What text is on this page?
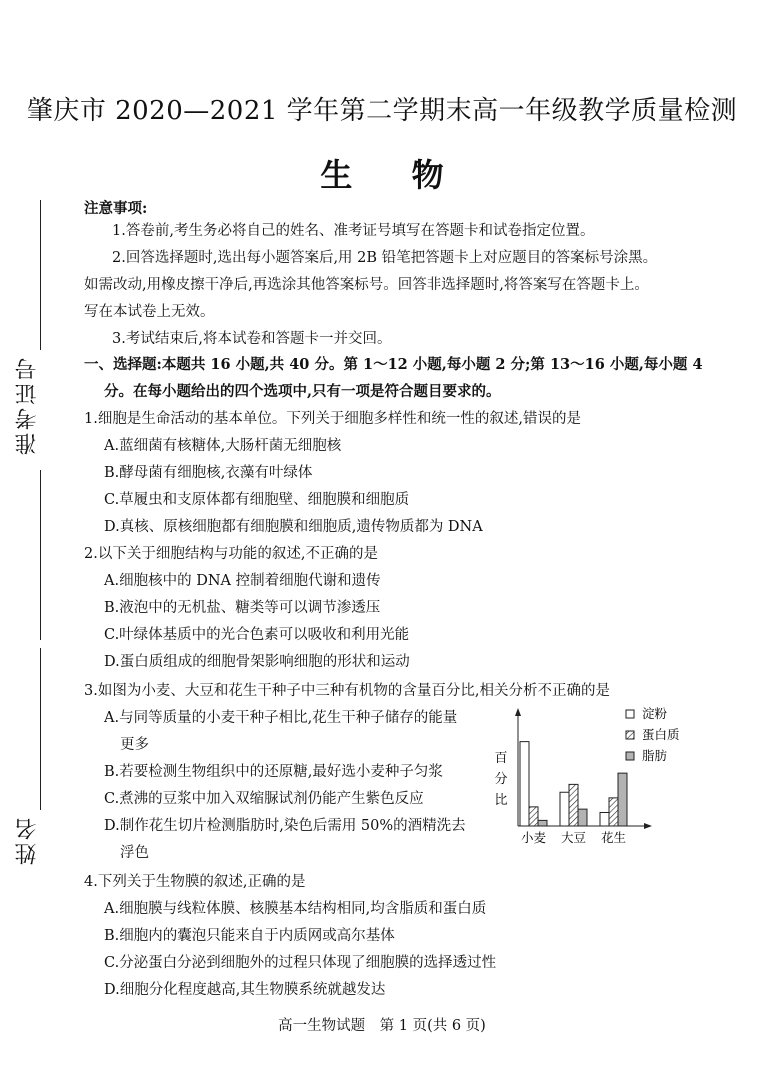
肇庆市 2020—2021 学年第二学期末高一年级教学质量检测
生 物
准考证号
姓名
注意事项:
1.答卷前,考生务必将自己的姓名、准考证号填写在答题卡和试卷指定位置。
2.回答选择题时,选出每小题答案后,用 2B 铅笔把答题卡上对应题目的答案标号涂黑。
如需改动,用橡皮擦干净后,再选涂其他答案标号。回答非选择题时,将答案写在答题卡上。
写在本试卷上无效。
3.考试结束后,将本试卷和答题卡一并交回。
一、选择题:本题共 16 小题,共 40 分。第 1～12 小题,每小题 2 分;第 13～16 小题,每小题 4
分。在每小题给出的四个选项中,只有一项是符合题目要求的。
1.细胞是生命活动的基本单位。下列关于细胞多样性和统一性的叙述,错误的是
A.蓝细菌有核糖体,大肠杆菌无细胞核
B.酵母菌有细胞核,衣藻有叶绿体
C.草履虫和支原体都有细胞壁、细胞膜和细胞质
D.真核、原核细胞都有细胞膜和细胞质,遗传物质都为 DNA
2.以下关于细胞结构与功能的叙述,不正确的是
A.细胞核中的 DNA 控制着细胞代谢和遗传
B.液泡中的无机盐、糖类等可以调节渗透压
C.叶绿体基质中的光合色素可以吸收和利用光能
D.蛋白质组成的细胞骨架影响细胞的形状和运动
3.如图为小麦、大豆和花生干种子中三种有机物的含量百分比,相关分析不正确的是
A.与同等质量的小麦干种子相比,花生干种子储存的能量
更多
B.若要检测生物组织中的还原糖,最好选小麦种子匀浆
C.煮沸的豆浆中加入双缩脲试剂仍能产生紫色反应
D.制作花生切片检测脂肪时,染色后需用 50%的酒精洗去
浮色
百
分
比
小麦 大豆 花生
淀粉
蛋白质
脂肪
4.下列关于生物膜的叙述,正确的是
A.细胞膜与线粒体膜、核膜基本结构相同,均含脂质和蛋白质
B.细胞内的囊泡只能来自于内质网或高尔基体
C.分泌蛋白分泌到细胞外的过程只体现了细胞膜的选择透过性
D.细胞分化程度越高,其生物膜系统就越发达
高一生物试题　第 1 页(共 6 页)
